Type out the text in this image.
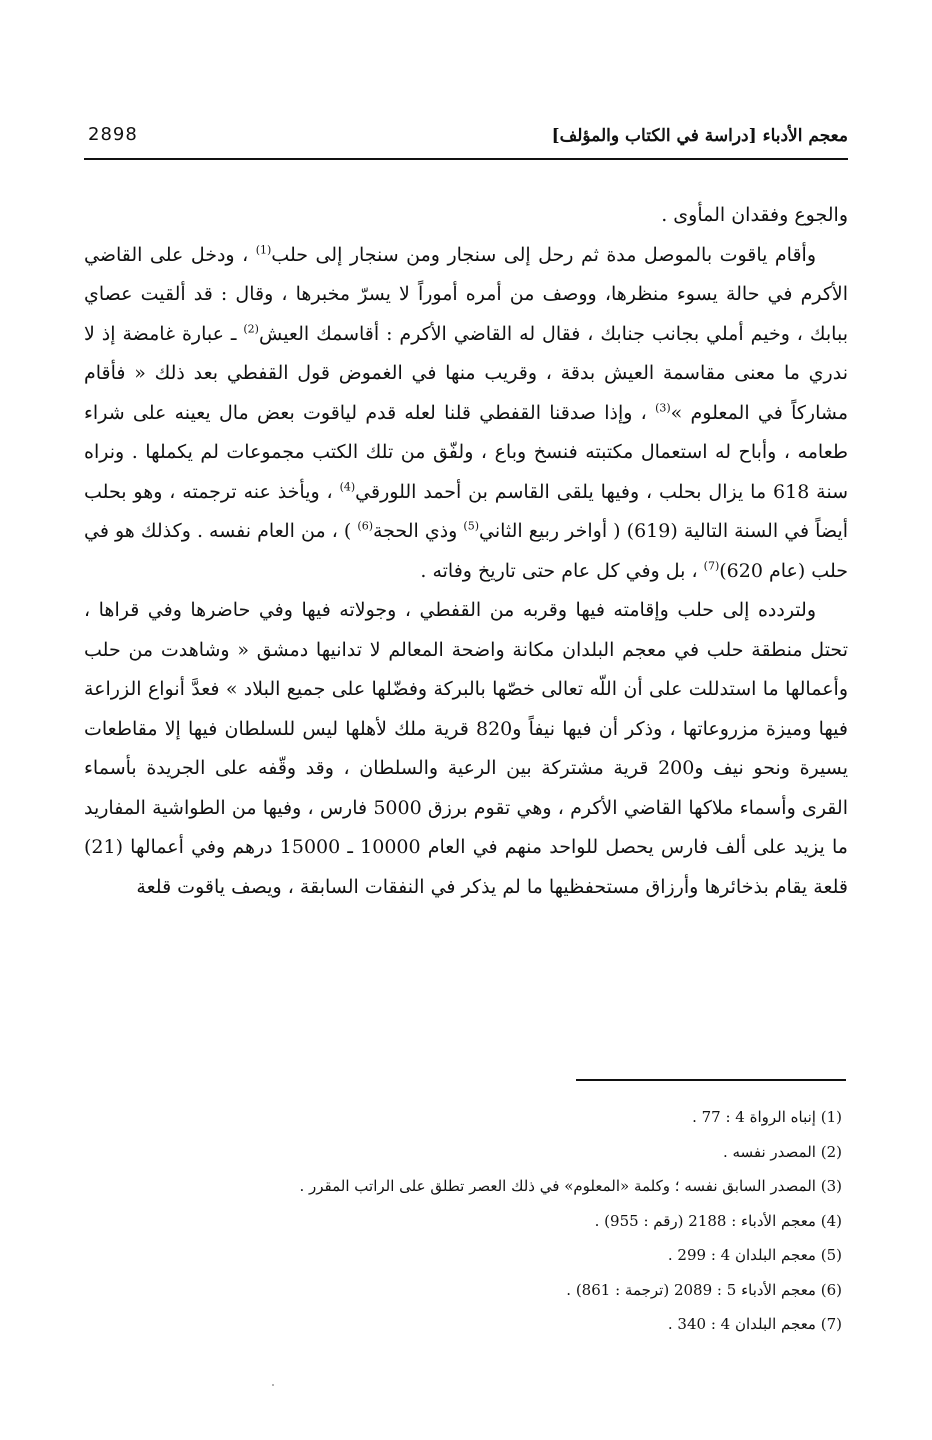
معجم الأدباء [دراسة في الكتاب والمؤلف]
2898

والجوع وفقدان المأوى .

وأقام ياقوت بالموصل مدة ثم رحل إلى سنجار ومن سنجار إلى حلب$^{(1)}$ ، ودخل على القاضي الأكرم في حالة يسوء منظرها، ووصف من أمره أموراً لا يسرّ مخبرها ، وقال : قد ألقيت عصاي ببابك ، وخيم أملي بجانب جنابك ، فقال له القاضي الأكرم : أقاسمك العيش$^{(2)}$ ـ عبارة غامضة إذ لا ندري ما معنى مقاسمة العيش بدقة ، وقريب منها في الغموض قول القفطي بعد ذلك « فأقام مشاركاً في المعلوم »$^{(3)}$ ، وإذا صدقنا القفطي قلنا لعله قدم لياقوت بعض مال يعينه على شراء طعامه ، وأباح له استعمال مكتبته فنسخ وباع ، ولفّق من تلك الكتب مجموعات لم يكملها . ونراه سنة 618 ما يزال بحلب ، وفيها يلقى القاسم بن أحمد اللورقي$^{(4)}$ ، ويأخذ عنه ترجمته ، وهو بحلب أيضاً في السنة التالية (619) ( أواخر ربيع الثاني$^{(5)}$ وذي الحجة$^{(6)}$ ) ، من العام نفسه . وكذلك هو في حلب (عام 620)$^{(7)}$ ، بل وفي كل عام حتى تاريخ وفاته .

ولتردده إلى حلب وإقامته فيها وقربه من القفطي ، وجولاته فيها وفي حاضرها وفي قراها ، تحتل منطقة حلب في معجم البلدان مكانة واضحة المعالم لا تدانيها دمشق « وشاهدت من حلب وأعمالها ما استدللت على أن اللّه تعالى خصّها بالبركة وفضّلها على جميع البلاد » فعدَّ أنواع الزراعة فيها وميزة مزروعاتها ، وذكر أن فيها نيفاً و820 قرية ملك لأهلها ليس للسلطان فيها إلا مقاطعات يسيرة ونحو نيف و200 قرية مشتركة بين الرعية والسلطان ، وقد وقّفه على الجريدة بأسماء القرى وأسماء ملاكها القاضي الأكرم ، وهي تقوم برزق 5000 فارس ، وفيها من الطواشية المفاريد ما يزيد على ألف فارس يحصل للواحد منهم في العام 10000 ـ 15000 درهم وفي أعمالها (21) قلعة يقام بذخائرها وأرزاق مستحفظيها ما لم يذكر في النفقات السابقة ، ويصف ياقوت قلعة

(1) إنباه الرواة 4 : 77 .
(2) المصدر نفسه .
(3) المصدر السابق نفسه ؛ وكلمة «المعلوم» في ذلك العصر تطلق على الراتب المقرر .
(4) معجم الأدباء : 2188 (رقم : 955) .
(5) معجم البلدان 4 : 299 .
(6) معجم الأدباء 5 : 2089 (ترجمة : 861) .
(7) معجم البلدان 4 : 340 .
